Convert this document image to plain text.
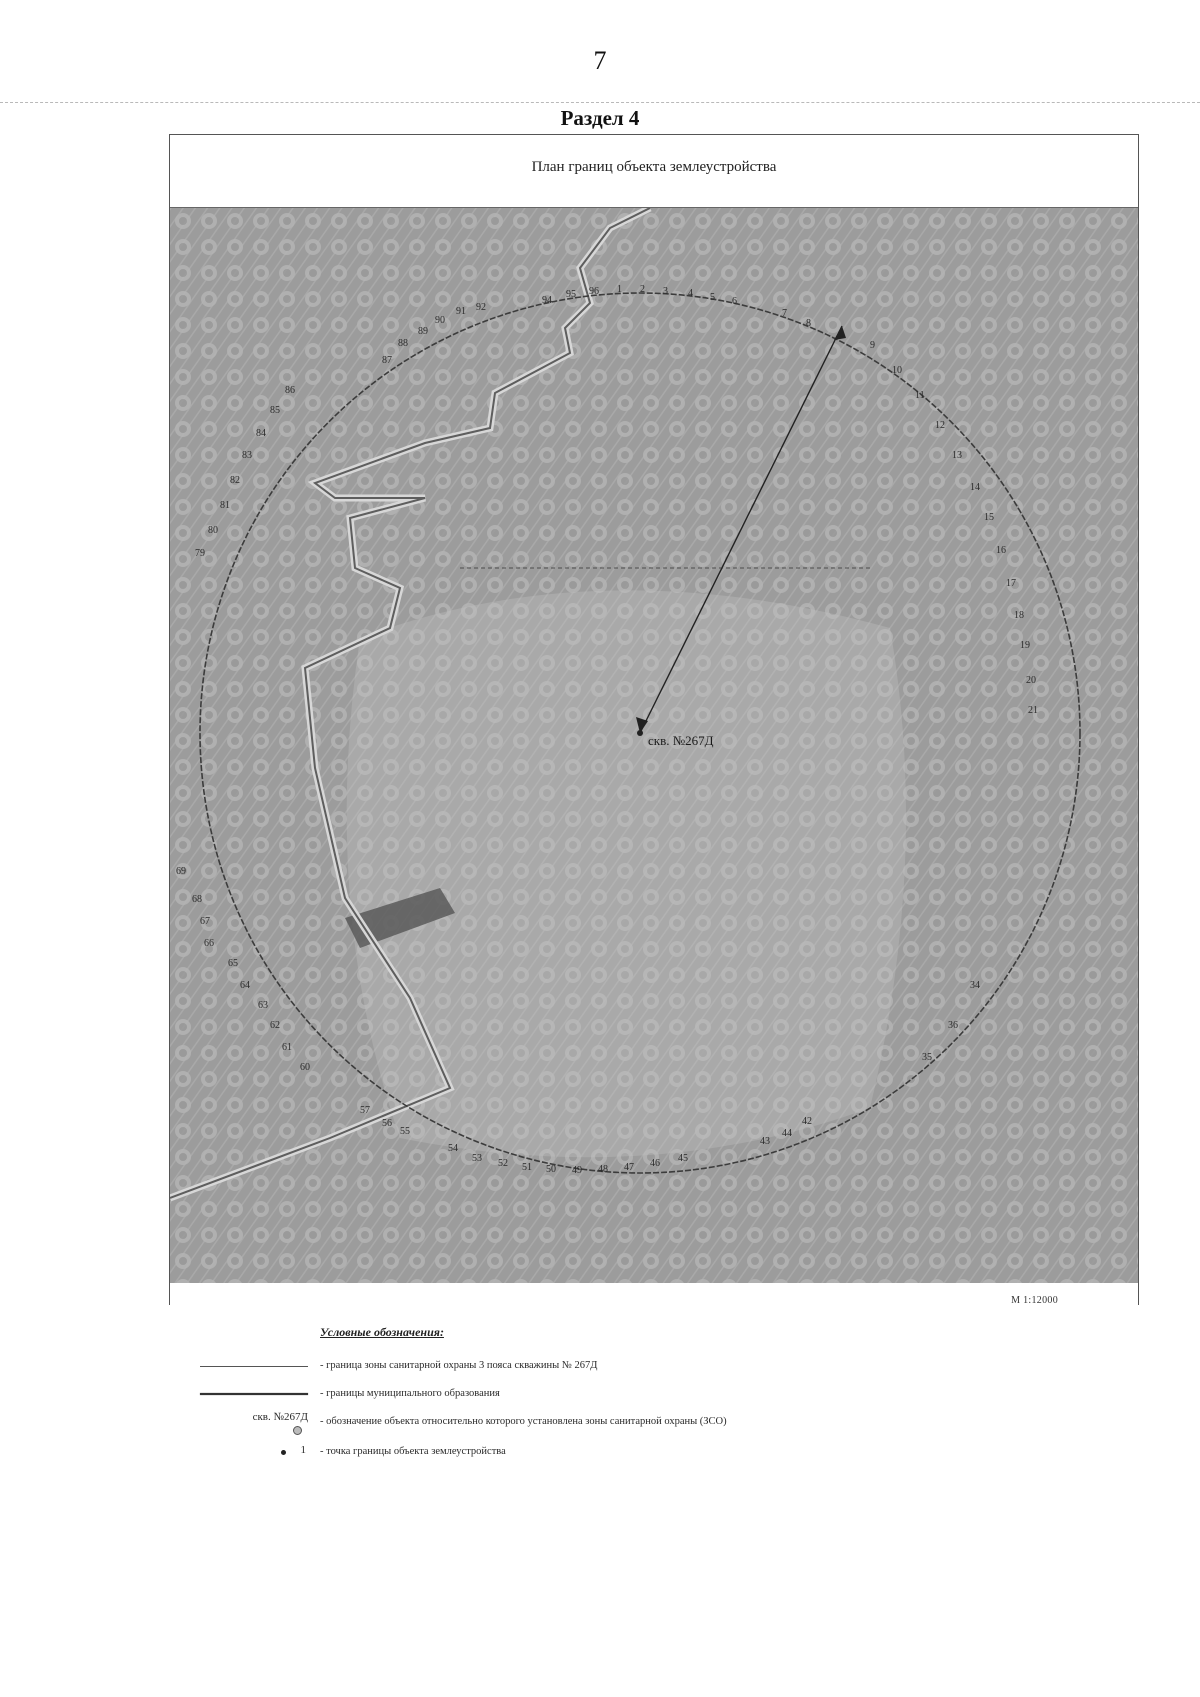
7
Раздел 4
План границ объекта землеустройства
скв. №267Д
94
95 96 1 2 3 4 5 6
7
8
92
91
90
89
88
87
86
85
84
83
82
81
80
79
69
68
67
66
65
64
63
62
61
60
57
56
55
54
53 52 51 50 49 48 47 46 45
44
43
42
9
10
11
12
13
14
15
16
17
18
19
20
21
36
35
34
М 1:12000
Условные обозначения:
- граница зоны санитарной охраны 3 пояса скважины № 267Д
- границы муниципального образования
скв. №267Д - обозначение объекта относительно которого установлена зоны санитарной охраны (ЗСО)
1 - точка границы объекта землеустройства
